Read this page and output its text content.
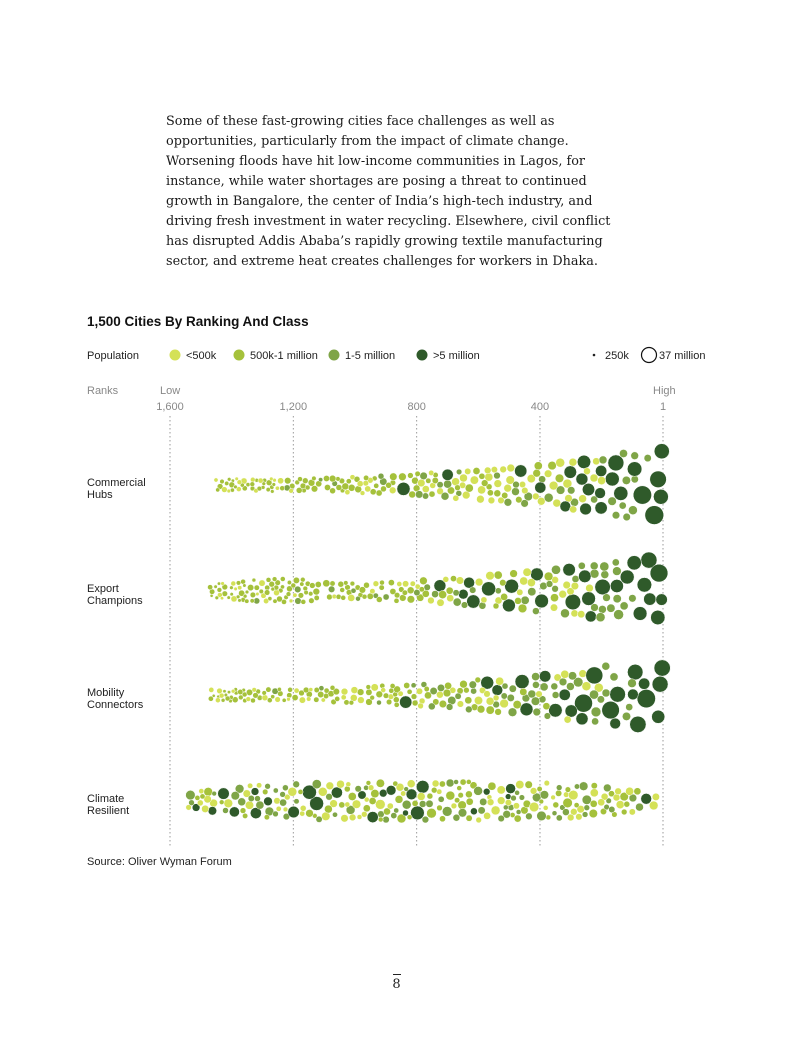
Some of these fast-growing cities face challenges as well as opportunities, particularly from the impact of climate change. Worsening floods have hit low-income communities in Lagos, for instance, while water shortages are posing a threat to continued growth in Bangalore, the center of India’s high-tech industry, and driving fresh investment in water recycling. Elsewhere, civil conflict has disrupted Addis Ababa’s rapidly growing textile manufacturing sector, and extreme heat creates challenges for workers in Dhaka.

1,500 Cities By Ranking And Class
Population	<500k	500k-1 million 1-5 million	>5 million	250k	37 million
Ranks	Low	High
1,600	1,200	800	400	1
Commercial Hubs
Export Champions
Mobility Connectors
Climate Resilient
Source: Oliver Wyman Forum
8
